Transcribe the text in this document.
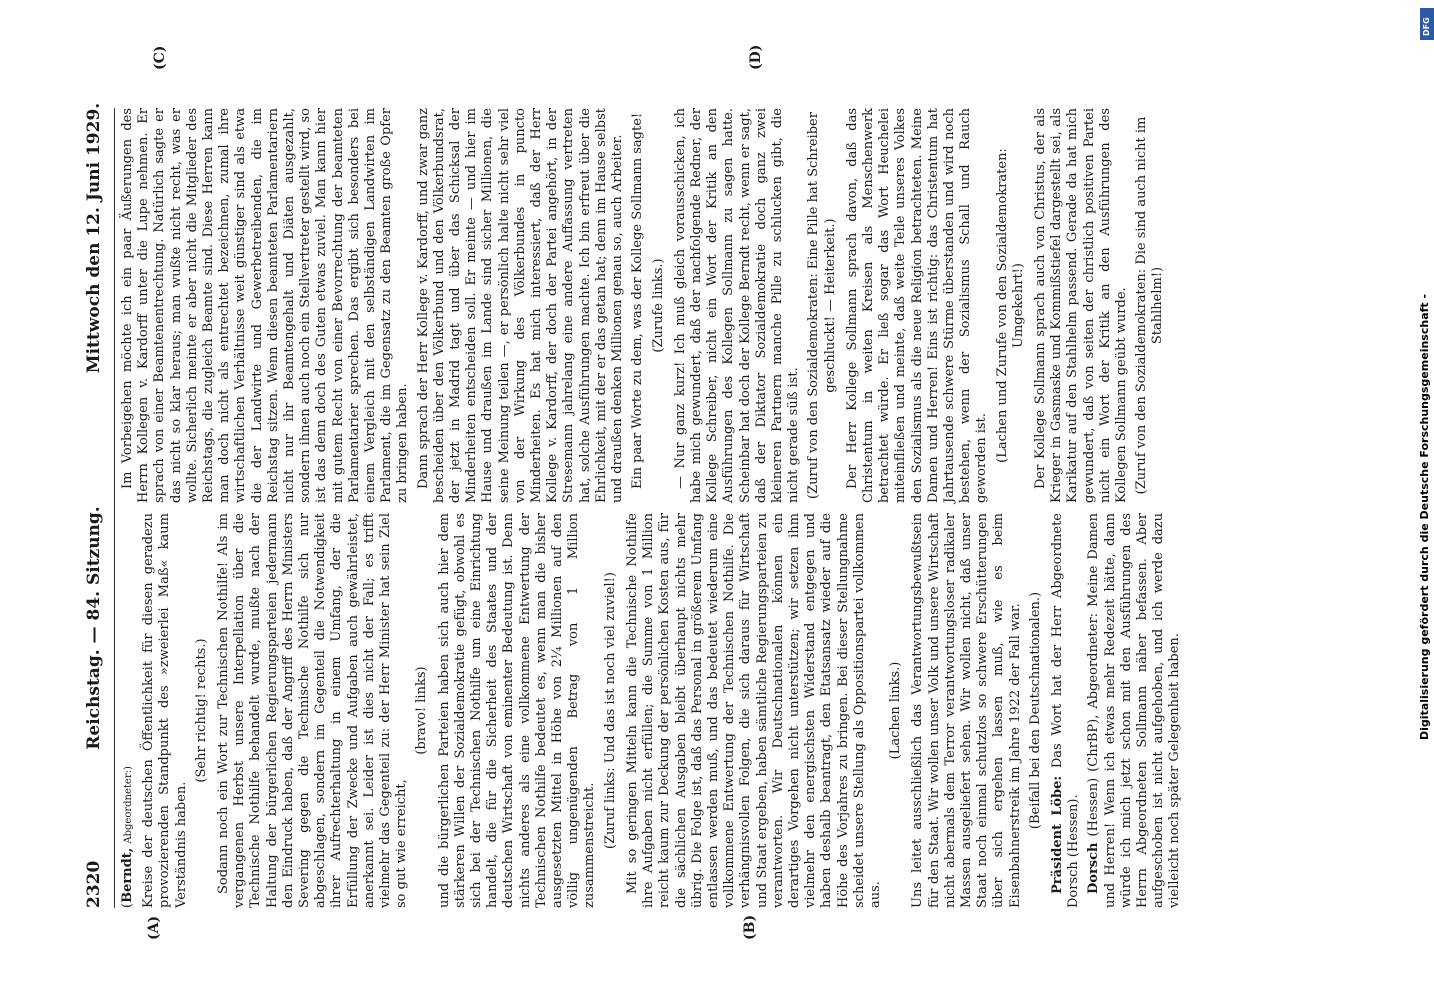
2320
Reichstag. — 84. Sitzung.
Mittwoch den 12. Juni 1929.
(A)	(B)
(C)	(D)

(Berndt, Abgeordneter:) Kreise der deutschen Öffentlichkeit für diesen geradezu provozierenden Standpunkt des »zweierlei Maß« kaum Verständnis haben.

(Sehr richtig! rechts.) Sodann noch ein Wort zur Technischen Nothilfe! Als im vergangenen Herbst unsere Interpellation über die Technische Nothilfe behandelt wurde, mußte nach der Haltung der bürgerlichen Regierungsparteien jedermann den Eindruck haben, daß der Angriff des Herrn Ministers Severing gegen die Technische Nothilfe sich nur abgeschlagen, sondern im Gegenteil die Notwendigkeit ihrer Aufrechterhaltung in einem Umfang, der die Erfüllung der Zwecke und Aufgaben auch gewährleistet, anerkannt sei. Leider ist dies nicht der Fall; es trifft vielmehr das Gegenteil zu: der Herr Minister hat sein Ziel so gut wie erreicht,

(bravo! links) und die bürgerlichen Parteien haben sich auch hier dem stärkeren Willen der Sozialdemokratie gefügt, obwohl es sich bei der Technischen Nothilfe um eine Einrichtung handelt, die für die Sicherheit des Staates und der deutschen Wirtschaft von eminenter Bedeutung ist. Denn nichts anderes als eine vollkommene Entwertung der Technischen Nothilfe bedeutet es, wenn man die bisher ausgesetzten Mittel in Höhe von 2¼ Millionen auf den völlig ungenügenden Betrag von 1 Million zusammenstreicht. (Zuruf links: Und das ist noch viel zuviel!) Mit so geringen Mitteln kann die Technische Nothilfe ihre Aufgaben nicht erfüllen; die Summe von 1 Million reicht kaum zur Deckung der persönlichen Kosten aus, für die sächlichen Ausgaben bleibt überhaupt nichts mehr übrig. Die Folge ist, daß das Personal in größerem Umfang entlassen werden muß, und das bedeutet wiederum eine vollkommene Entwertung der Technischen Nothilfe. Die verhängnisvollen Folgen, die sich daraus für Wirtschaft und Staat ergeben, haben sämtliche Regierungsparteien zu verantworten. Wir Deutschnationalen können ein derartiges Vorgehen nicht unterstützen; wir setzen ihm vielmehr den energischsten Widerstand entgegen und haben deshalb beantragt, den Etatsansatz wieder auf die Höhe des Vorjahres zu bringen. Bei dieser Stellungnahme scheidet unsere Stellung als Oppositionspartei vollkommen aus.

(Lachen links.) Uns leitet ausschließlich das Verantwortungsbewußtsein für den Staat. Wir wollen unser Volk und unsere Wirtschaft nicht abermals dem Terror verantwortungsloser radikaler Massen ausgeliefert sehen. Wir wollen nicht, daß unser Staat noch einmal schutzlos so schwere Erschütterungen über sich ergehen lassen muß, wie es beim Eisenbahnerstreik im Jahre 1922 der Fall war. (Beifall bei den Deutschnationalen.)

Präsident Löbe: Das Wort hat der Herr Abgeordnete Dorsch (Hessen). Dorsch (Hessen) (ChrBP), Abgeordneter: Meine Damen und Herren! Wenn ich etwas mehr Redezeit hätte, dann würde ich mich jetzt schon mit den Ausführungen des Herrn Abgeordneten Sollmann näher befassen. Aber aufgeschoben ist nicht aufgehoben, und ich werde dazu vielleicht noch später Gelegenheit haben.

Im Vorbeigehen möchte ich ein paar Äußerungen des Herrn Kollegen v. Kardorff unter die Lupe nehmen. Er sprach von einer Beamtenentrechtung. Natürlich sagte er das nicht so klar heraus; man wußte nicht recht, was er wollte. Sicherlich meinte er aber nicht die Mitglieder des Reichstags, die zugleich Beamte sind. Diese Herren kann man doch nicht als entrechtet bezeichnen, zumal ihre wirtschaftlichen Verhältnisse weit günstiger sind als etwa die der Landwirte und Gewerbetreibenden, die im Reichstag sitzen. Wenn diesen beamteten Parlamentariern nicht nur ihr Beamtengehalt und Diäten ausgezahlt, sondern ihnen auch noch ein Stellvertreter gestellt wird, so ist das denn doch des Guten etwas zuviel. Man kann hier mit gutem Recht von einer Bevorrechtung der beamteten Parlamentarier sprechen. Das ergibt sich besonders bei einem Vergleich mit den selbständigen Landwirten im Parlament, die im Gegensatz zu den Beamten große Opfer zu bringen haben. Dann sprach der Herr Kollege v. Kardorff, und zwar ganz bescheiden über den Völkerbund und den Völkerbundsrat, der jetzt in Madrid tagt und über das Schicksal der Minderheiten entscheiden soll. Er meinte — und hier im Hause und draußen im Lande sind sicher Millionen, die seine Meinung teilen —, er persönlich halte nicht sehr viel von der Wirkung des Völkerbundes in puncto Minderheiten. Es hat mich interessiert, daß der Herr Kollege v. Kardorff, der doch der Partei angehört, in der Stresemann jahrelang eine andere Auffassung vertreten hat, solche Ausführungen machte. Ich bin erfreut über die Ehrlichkeit, mit der er das getan hat; denn im Hause selbst und draußen denken Millionen genau so, auch Arbeiter. Ein paar Worte zu dem, was der Kollege Sollmann sagte! (Zurufe links.) — Nur ganz kurz! Ich muß gleich vorausschicken, ich habe mich gewundert, daß der nachfolgende Redner, der Kollege Schreiber, nicht ein Wort der Kritik an den Ausführungen des Kollegen Sollmann zu sagen hatte. Scheinbar hat doch der Kollege Berndt recht, wenn er sagt, daß der Diktator Sozialdemokratie doch ganz zwei kleineren Partnern manche Pille zu schlucken gibt, die nicht gerade süß ist. (Zuruf von den Sozialdemokraten: Eine Pille hat Schreiber geschluckt! — Heiterkeit.) Der Herr Kollege Sollmann sprach davon, daß das Christentum in weiten Kreisen als Menschenwerk betrachtet würde. Er ließ sogar das Wort Heuchelei miteinfließen und meinte, daß weite Teile unseres Volkes den Sozialismus als die neue Religion betrachteten. Meine Damen und Herren! Eins ist richtig: das Christentum hat Jahrtausende schwere Stürme überstanden und wird noch bestehen, wenn der Sozialismus Schall und Rauch geworden ist. (Lachen und Zurufe von den Sozialdemokraten: Umgekehrt!) Der Kollege Sollmann sprach auch von Christus, der als Krieger in Gasmaske und Kommißstiefel dargestellt sei, als Karikatur auf den Stahlhelm passend. Gerade da hat mich gewundert, daß von seiten der christlich positiven Partei nicht ein Wort der Kritik an den Ausführungen des Kollegen Sollmann geübt wurde. (Zuruf von den Sozialdemokraten: Die sind auch nicht im Stahlhelm!)	Digitalisierung gefördert durch die Deutsche Forschungsgemeinschaft -
DFG
